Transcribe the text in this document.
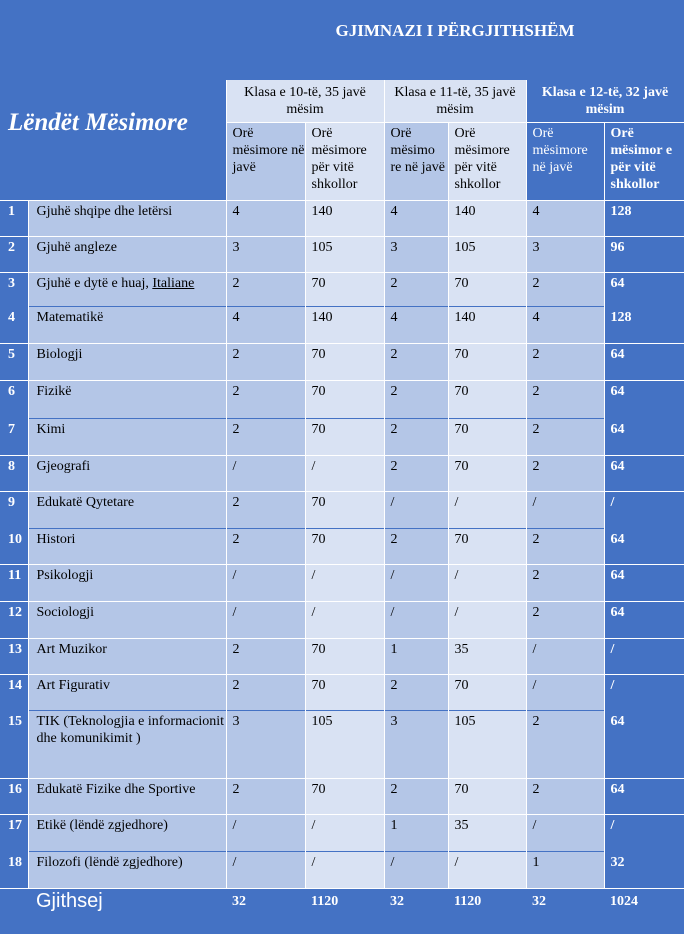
		GJIMNAZI I PËRGJITHSHËM					
Lëndët Mësimore		Klasa e 10-të, 35 javë mësim		Klasa e 11-të, 35 javë mësim		Klasa e 12-të, 32 javë mësim	
		Orë mësimore në javë	Orë mësimore për vitë shkollor	Orë mësimo re në javë	Orë mësimore për vitë shkollor	Orë mësimore në javë	Orë mësimor e për vitë shkollor
1	Gjuhë shqipe dhe letërsi	4	140	4	140	4	128
2	Gjuhë angleze	3	105	3	105	3	96
3	Gjuhë e dytë e huaj, Italiane	2	70	2	70	2	64
4	Matematikë	4	140	4	140	4	128
5	Biologji	2	70	2	70	2	64
6	Fizikë	2	70	2	70	2	64
7	Kimi	2	70	2	70	2	64
8	Gjeografi	/	/	2	70	2	64
9	Edukatë Qytetare	2	70	/	/	/	/
10	Histori	2	70	2	70	2	64
11	Psikologji	/	/	/	/	2	64
12	Sociologji	/	/	/	/	2	64
13	Art Muzikor	2	70	1	35	/	/
14	Art Figurativ	2	70	2	70	/	/
15	TIK (Teknologjia e informacionit dhe komunikimit )	3	105	3	105	2	64
16	Edukatë Fizike dhe Sportive	2	70	2	70	2	64
17	Etikë (lëndë zgjedhore)	/	/	1	35	/	/
18	Filozofi (lëndë zgjedhore)	/	/	/	/	1	32
Gjithsej		32	1120	32	1120	32	1024
